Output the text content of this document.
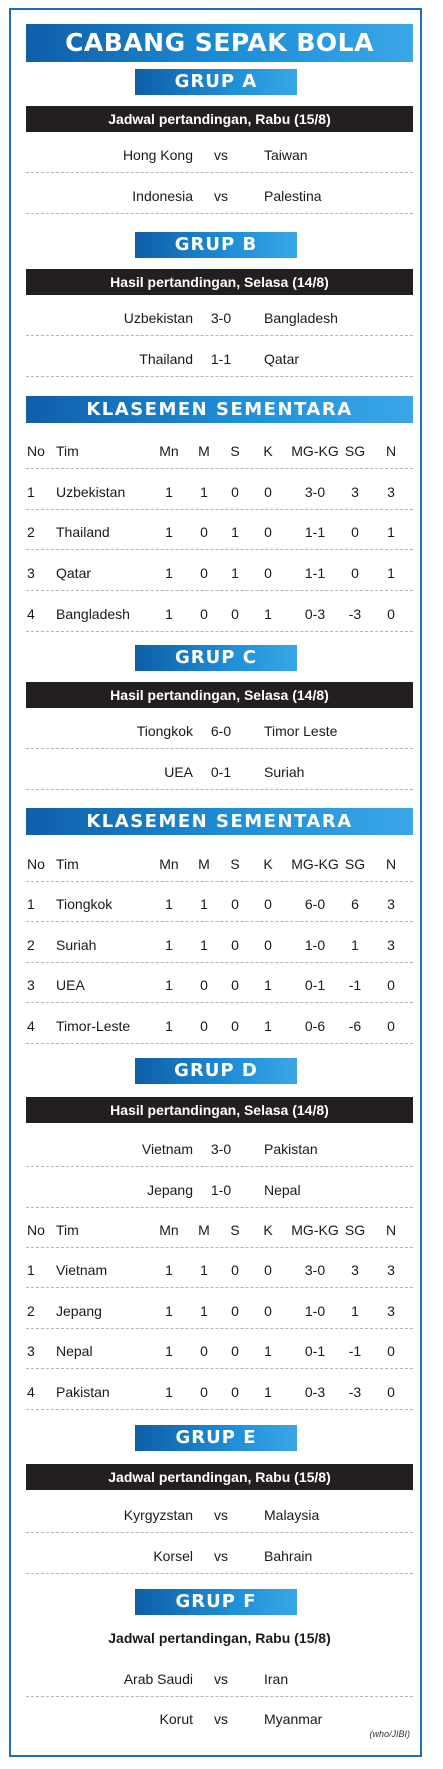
CABANG SEPAK BOLA
GRUP A
Jadwal pertandingan, Rabu (15/8)
Hong Kong	vs	Taiwan
Indonesia	vs	Palestina
GRUP B
Hasil pertandingan, Selasa (14/8)
Uzbekistan	3-0	Bangladesh
Thailand	1-1	Qatar
KLASEMEN SEMENTARA
No Tim	Mn	M	S	K	MG-KG SG	N
1 Uzbekistan	1	1	0	0	3-0	3	3
2 Thailand	1	0	1	0	1-1	0	1
3 Qatar	1	0	1	0	1-1	0	1
4 Bangladesh	1	0	0	1	0-3	-3	0
GRUP C
Hasil pertandingan, Selasa (14/8)
Tiongkok	6-0	Timor Leste
UEA	0-1	Suriah
KLASEMEN SEMENTARA
No Tim	Mn	M	S	K	MG-KG SG	N
1 Tiongkok	1	1	0	0	6-0	6	3
2 Suriah	1	1	0	0	1-0	1	3
3 UEA	1	0	0	1	0-1	-1	0
4 Timor-Leste	1	0	0	1	0-6	-6	0
GRUP D
Hasil pertandingan, Selasa (14/8)
Vietnam	3-0	Pakistan
Jepang	1-0	Nepal
No Tim	Mn	M	S	K	MG-KG SG	N
1 Vietnam	1	1	0	0	3-0	3	3
2 Jepang	1	1	0	0	1-0	1	3
3 Nepal	1	0	0	1	0-1	-1	0
4 Pakistan	1	0	0	1	0-3	-3	0
GRUP E
Jadwal pertandingan, Rabu (15/8)
Kyrgyzstan	vs	Malaysia
Korsel	vs	Bahrain
GRUP F
Jadwal pertandingan, Rabu (15/8)
Arab Saudi	vs	Iran
Korut	vs	Myanmar
(who/JIBI)
